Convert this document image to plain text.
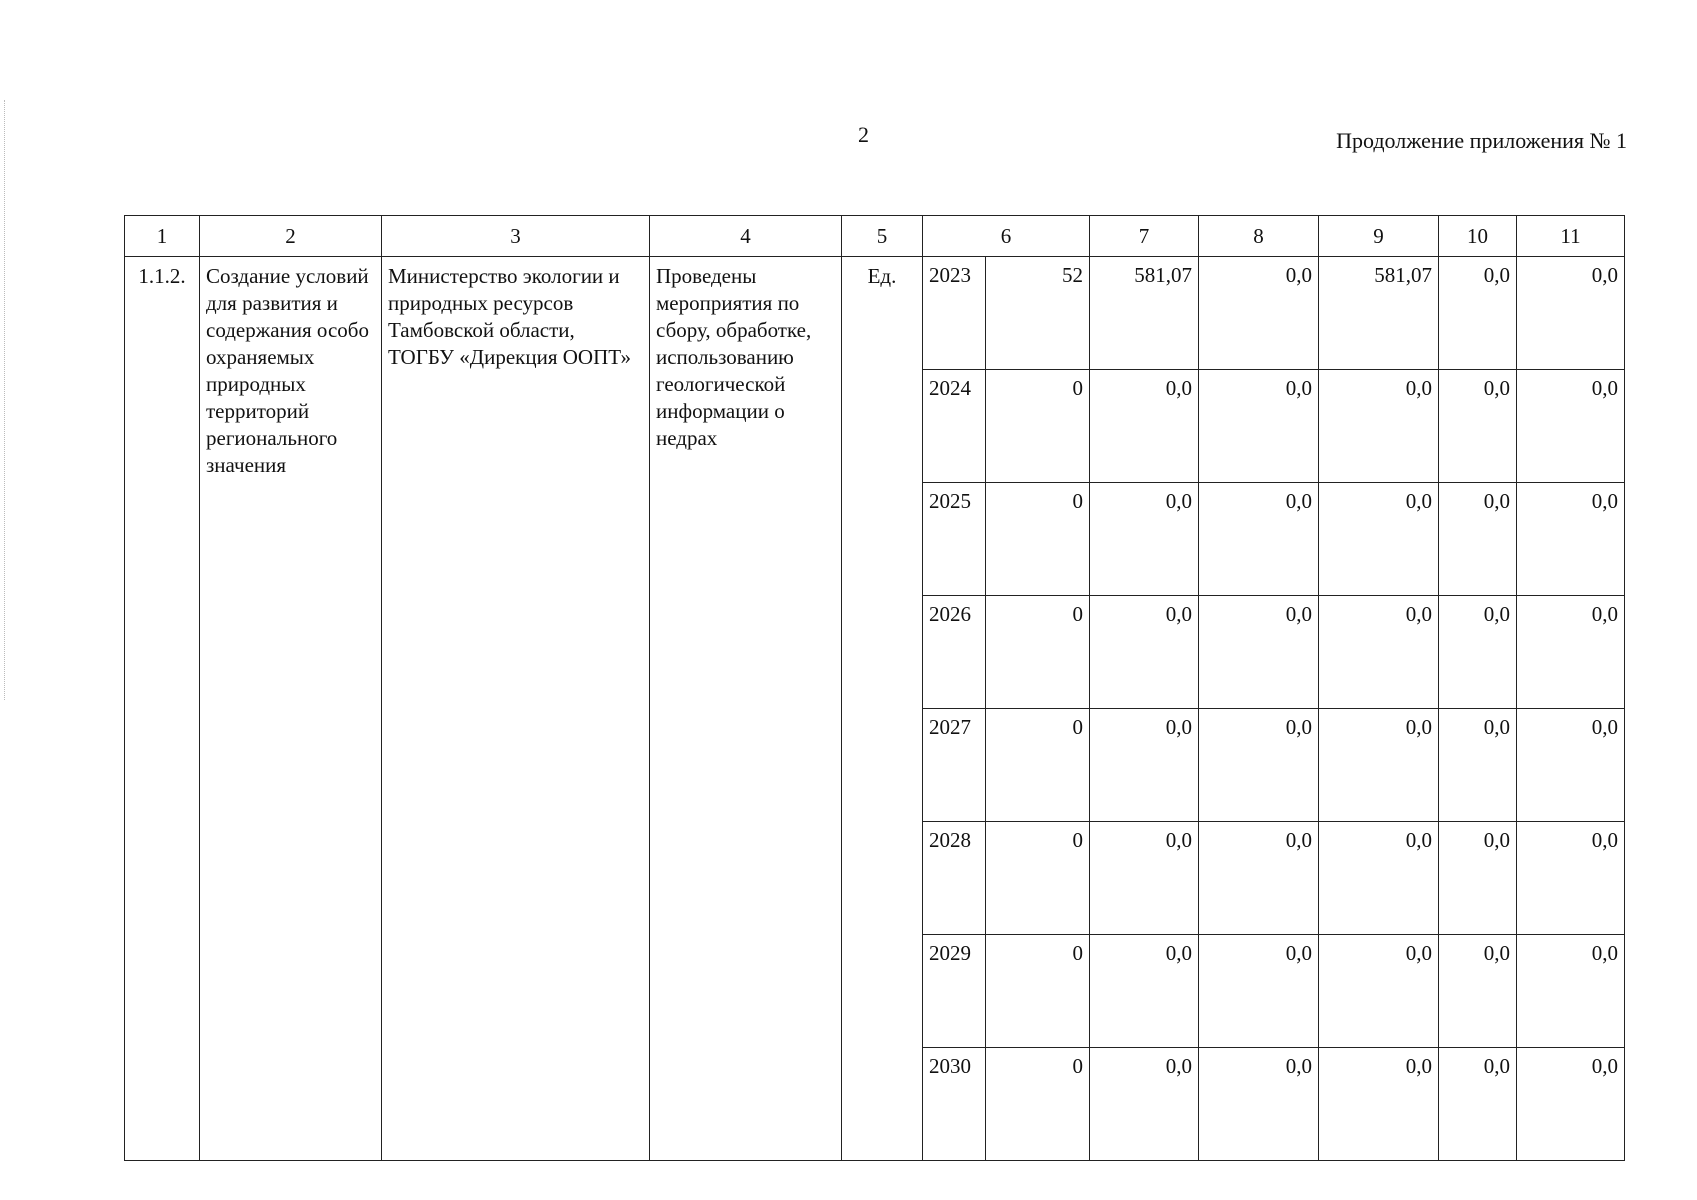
2	Продолжение приложения № 1
1	2	3	4	5	6		7	8	9	10	11
1.1.2.	Создание условий для развития и содержания особо охраняемых природных территорий регионального значения	Министерство экологии и природных ресурсов Тамбовской области, ТОГБУ «Дирекция ООПТ»	Проведены мероприятия по сбору, обработке, использованию геологической информации о недрах	Ед.	2023	52	581,07	0,0	581,07	0,0	0,0
					2024	0	0,0	0,0	0,0	0,0	0,0
					2025	0	0,0	0,0	0,0	0,0	0,0
					2026	0	0,0	0,0	0,0	0,0	0,0
					2027	0	0,0	0,0	0,0	0,0	0,0
					2028	0	0,0	0,0	0,0	0,0	0,0
					2029	0	0,0	0,0	0,0	0,0	0,0
					2030	0	0,0	0,0	0,0	0,0	0,0
